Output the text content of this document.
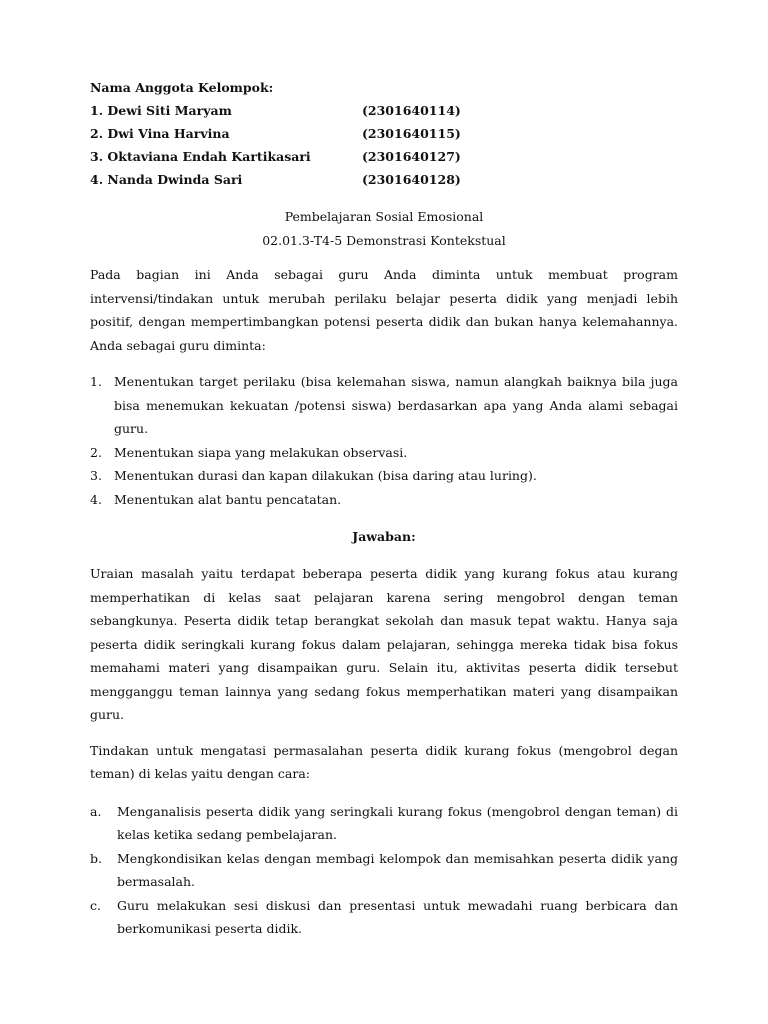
Nama Anggota Kelompok:

1. Dewi Siti Maryam	(2301640114)
2. Dwi Vina Harvina	(2301640115)
3. Oktaviana Endah Kartikasari	(2301640127)
4. Nanda Dwinda Sari	(2301640128)

Pembelajaran Sosial Emosional

02.01.3-T4-5 Demonstrasi Kontekstual

Pada bagian ini Anda sebagai guru Anda diminta untuk membuat program intervensi/tindakan untuk merubah perilaku belajar peserta didik yang menjadi lebih positif, dengan mempertimbangkan potensi peserta didik dan bukan hanya kelemahannya. Anda sebagai guru diminta:

1. Menentukan target perilaku (bisa kelemahan siswa, namun alangkah baiknya bila juga bisa menemukan kekuatan /potensi siswa) berdasarkan apa yang Anda alami sebagai guru.
2. Menentukan siapa yang melakukan observasi.
3. Menentukan durasi dan kapan dilakukan (bisa daring atau luring).
4. Menentukan alat bantu pencatatan.

Jawaban:

Uraian masalah yaitu terdapat beberapa peserta didik yang kurang fokus atau kurang memperhatikan di kelas saat pelajaran karena sering mengobrol dengan teman sebangkunya. Peserta didik tetap berangkat sekolah dan masuk tepat waktu. Hanya saja peserta didik seringkali kurang fokus dalam pelajaran, sehingga mereka tidak bisa fokus memahami materi yang disampaikan guru. Selain itu, aktivitas peserta didik tersebut mengganggu teman lainnya yang sedang fokus memperhatikan materi yang disampaikan guru.

Tindakan untuk mengatasi permasalahan peserta didik kurang fokus (mengobrol degan teman) di kelas yaitu dengan cara:

a.	Menganalisis peserta didik yang seringkali kurang fokus (mengobrol dengan teman) di kelas ketika sedang pembelajaran.
b.	Mengkondisikan kelas dengan membagi kelompok dan memisahkan peserta didik yang bermasalah.
c.	Guru melakukan sesi diskusi dan presentasi untuk mewadahi ruang berbicara dan berkomunikasi peserta didik.
